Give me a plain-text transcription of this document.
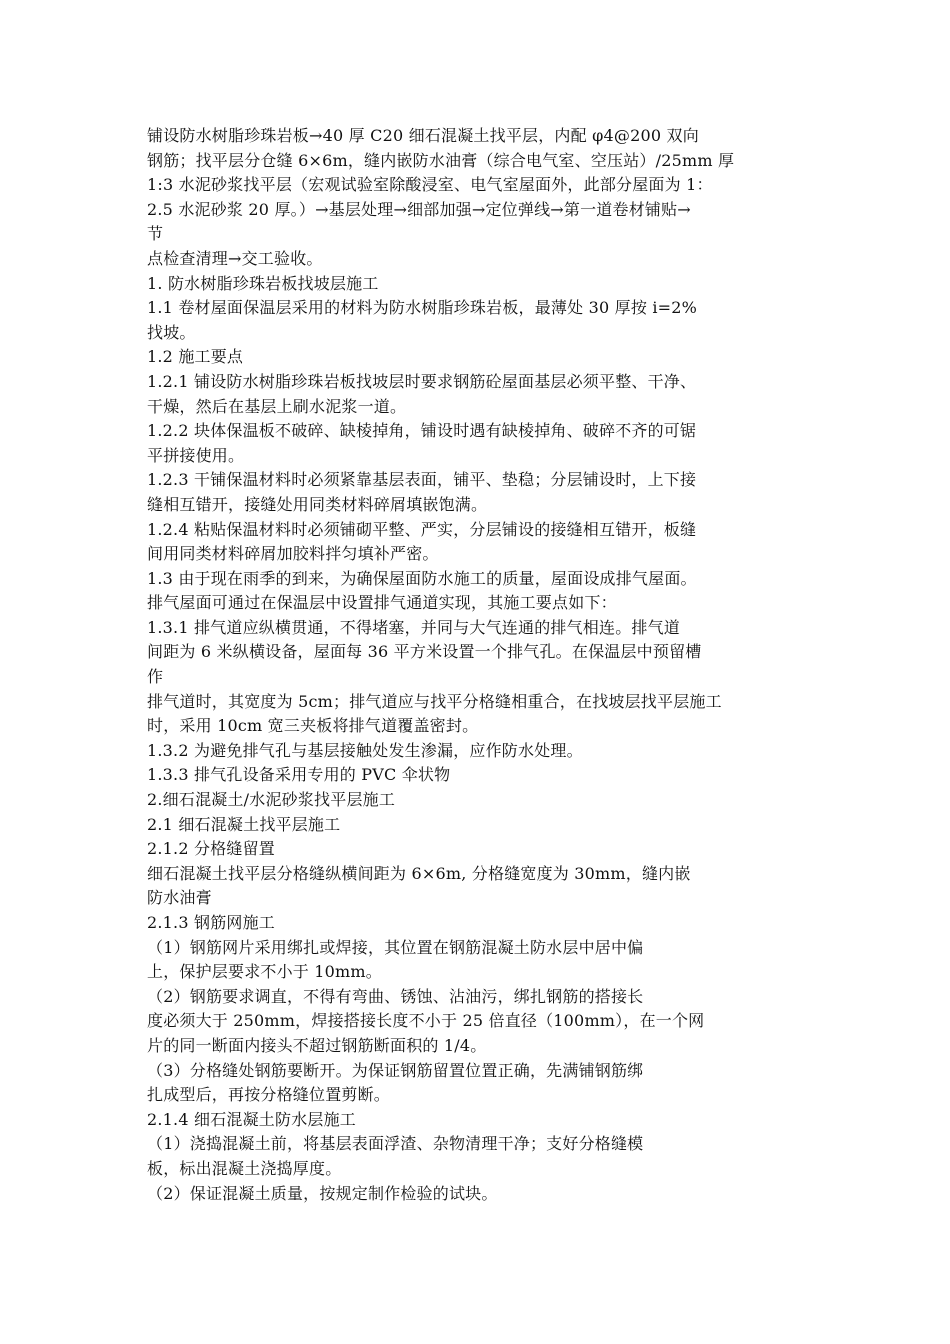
铺设防水树脂珍珠岩板→40 厚 C20 细石混凝土找平层，内配 φ4@200 双向
钢筋；找平层分仓缝 6×6m，缝内嵌防水油膏（综合电气室、空压站）/25mm 厚
1:3 水泥砂浆找平层（宏观试验室除酸浸室、电气室屋面外，此部分屋面为 1：
2.5 水泥砂浆 20 厚。）→基层处理→细部加强→定位弹线→第一道卷材铺贴→
节
点检查清理→交工验收。
1. 防水树脂珍珠岩板找坡层施工
1.1 卷材屋面保温层采用的材料为防水树脂珍珠岩板，最薄处 30 厚按 i=2%
找坡。
1.2 施工要点
1.2.1 铺设防水树脂珍珠岩板找坡层时要求钢筋砼屋面基层必须平整、干净、
干燥，然后在基层上刷水泥浆一道。
1.2.2 块体保温板不破碎、缺棱掉角，铺设时遇有缺棱掉角、破碎不齐的可锯
平拼接使用。
1.2.3 干铺保温材料时必须紧靠基层表面，铺平、垫稳；分层铺设时，上下接
缝相互错开，接缝处用同类材料碎屑填嵌饱满。
1.2.4 粘贴保温材料时必须铺砌平整、严实，分层铺设的接缝相互错开，板缝
间用同类材料碎屑加胶料拌匀填补严密。
1.3 由于现在雨季的到来，为确保屋面防水施工的质量，屋面设成排气屋面。
排气屋面可通过在保温层中设置排气通道实现，其施工要点如下：
1.3.1 排气道应纵横贯通，不得堵塞，并同与大气连通的排气相连。排气道
间距为 6 米纵横设备，屋面每 36 平方米设置一个排气孔。在保温层中预留槽
作
排气道时，其宽度为 5cm；排气道应与找平分格缝相重合，在找坡层找平层施工
时，采用 10cm 宽三夹板将排气道覆盖密封。
1.3.2 为避免排气孔与基层接触处发生渗漏，应作防水处理。
1.3.3 排气孔设备采用专用的 PVC 伞状物
2.细石混凝土/水泥砂浆找平层施工
2.1 细石混凝土找平层施工
2.1.2 分格缝留置
细石混凝土找平层分格缝纵横间距为 6×6m, 分格缝宽度为 30mm，缝内嵌
防水油膏
2.1.3 钢筋网施工
（1）钢筋网片采用绑扎或焊接，其位置在钢筋混凝土防水层中居中偏
上，保护层要求不小于 10mm。
（2）钢筋要求调直，不得有弯曲、锈蚀、沾油污，绑扎钢筋的搭接长
度必须大于 250mm，焊接搭接长度不小于 25 倍直径（100mm），在一个网
片的同一断面内接头不超过钢筋断面积的 1/4。
（3）分格缝处钢筋要断开。为保证钢筋留置位置正确，先满铺钢筋绑
扎成型后，再按分格缝位置剪断。
2.1.4 细石混凝土防水层施工
（1）浇捣混凝土前，将基层表面浮渣、杂物清理干净；支好分格缝模
板，标出混凝土浇捣厚度。
（2）保证混凝土质量，按规定制作检验的试块。
